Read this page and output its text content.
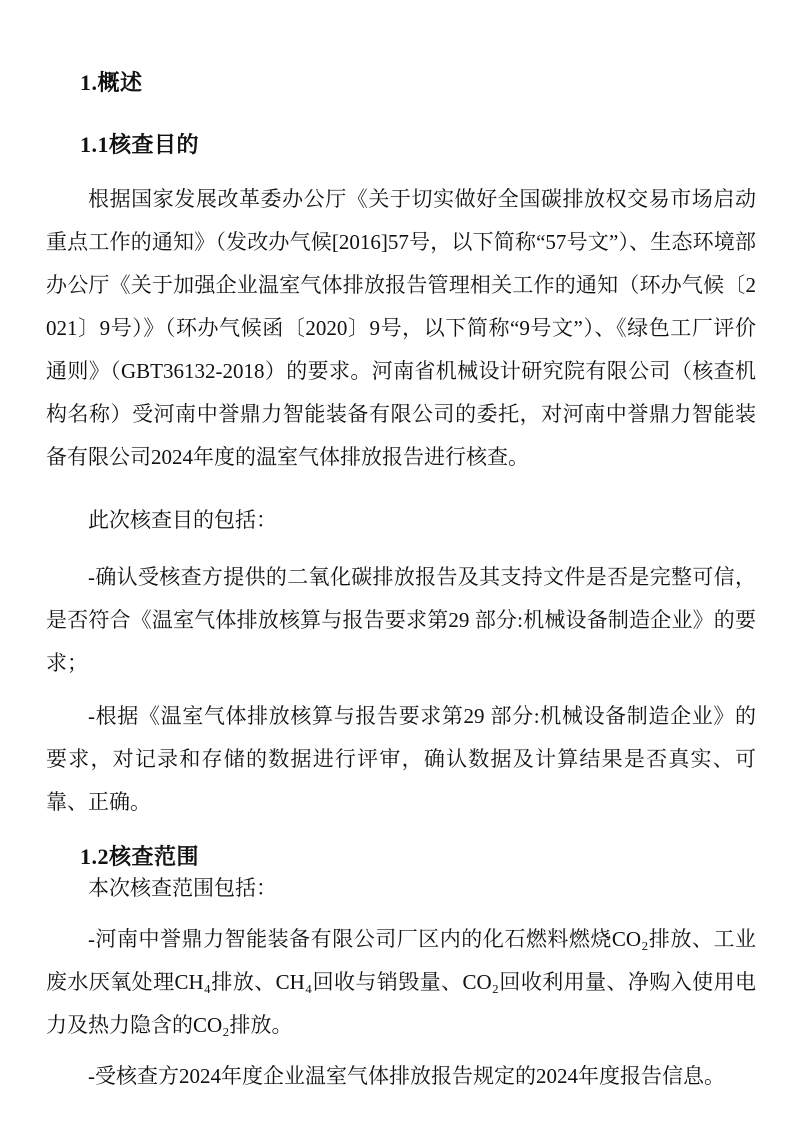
1.概述
1.1核查目的

根据国家发展改革委办公厅《关于切实做好全国碳排放权交易市场启动重点工作的通知》（发改办气候[2016]57号，以下简称“57号文”）、生态环境部办公厅《关于加强企业温室气体排放报告管理相关工作的通知（环办气候〔2021〕9号）》（环办气候函〔2020〕9号，以下简称“9号文”）、《绿色工厂评价通则》（GBT36132-2018）的要求。河南省机械设计研究院有限公司（核查机构名称）受河南中誉鼎力智能装备有限公司的委托，对河南中誉鼎力智能装备有限公司2024年度的温室气体排放报告进行核查。

此次核查目的包括：

-确认受核查方提供的二氧化碳排放报告及其支持文件是否是完整可信，是否符合《温室气体排放核算与报告要求第29 部分:机械设备制造企业》的要求；

-根据《温室气体排放核算与报告要求第29 部分:机械设备制造企业》的要求，对记录和存储的数据进行评审，确认数据及计算结果是否真实、可靠、正确。

1.2核查范围

本次核查范围包括：

-河南中誉鼎力智能装备有限公司厂区内的化石燃料燃烧CO₂排放、工业废水厌氧处理CH₄排放、CH₄回收与销毁量、CO₂回收利用量、净购入使用电力及热力隐含的CO₂排放。

-受核查方2024年度企业温室气体排放报告规定的2024年度报告信息。
